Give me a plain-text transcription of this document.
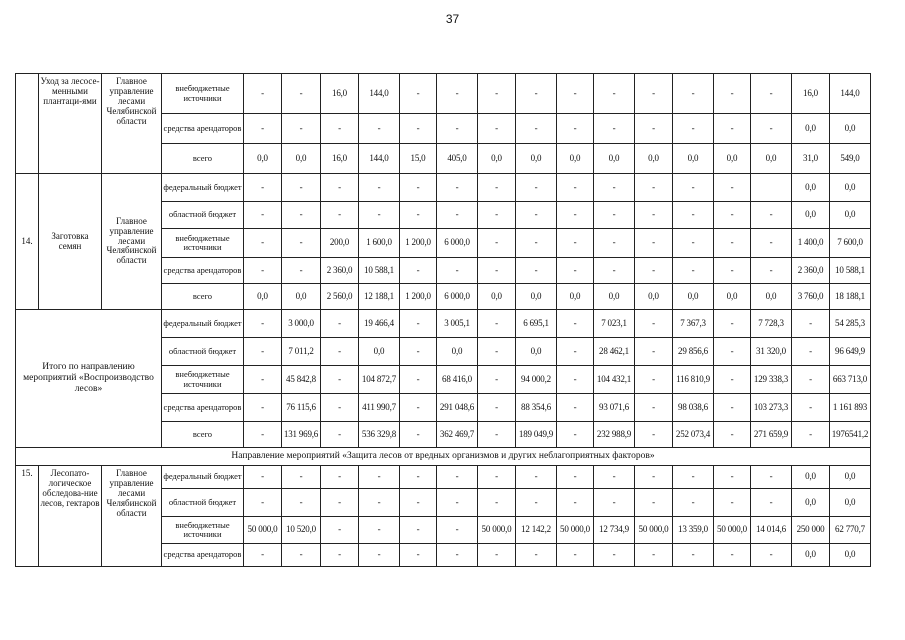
37
	Уход за лесосе-менными плантаци-ями	Главное управление лесами Челябинской области	внебюджетные источники	-	-	16,0	144,0	-	-	-	-	-	-	-	-	-	-	16,0	144,0
			средства арендаторов	-	-	-	-	-	-	-	-	-	-	-	-	-	-	0,0	0,0
			всего	0,0	0,0	16,0	144,0	15,0	405,0	0,0	0,0	0,0	0,0	0,0	0,0	0,0	0,0	31,0	549,0
14.	Заготовка семян	Главное управление лесами Челябинской области	федеральный бюджет	-	-	-	-	-	-	-	-	-	-	-	-	-		0,0	0,0
			областной бюджет	-	-	-	-	-	-	-	-	-	-	-	-	-	-	0,0	0,0
			внебюджетные источники	-	-	200,0	1 600,0	1 200,0	6 000,0	-	-	-	-	-	-	-	-	1 400,0	7 600,0
			средства арендаторов	-	-	2 360,0	10 588,1	-	-	-	-	-	-	-	-	-	-	2 360,0	10 588,1
			всего	0,0	0,0	2 560,0	12 188,1	1 200,0	6 000,0	0,0	0,0	0,0	0,0	0,0	0,0	0,0	0,0	3 760,0	18 188,1
Итого по направлению мероприятий «Воспроизводство лесов»			федеральный бюджет	-	3 000,0	-	19 466,4	-	3 005,1	-	6 695,1	-	7 023,1	-	7 367,3	-	7 728,3	-	54 285,3
			областной бюджет	-	7 011,2	-	0,0	-	0,0	-	0,0	-	28 462,1	-	29 856,6	-	31 320,0	-	96 649,9
			внебюджетные источники	-	45 842,8	-	104 872,7	-	68 416,0	-	94 000,2	-	104 432,1	-	116 810,9	-	129 338,3	-	663 713,0
			средства арендаторов	-	76 115,6	-	411 990,7	-	291 048,6	-	88 354,6	-	93 071,6	-	98 038,6	-	103 273,3	-	1 161 893
			всего	-	131 969,6	-	536 329,8	-	362 469,7	-	189 049,9	-	232 988,9	-	252 073,4	-	271 659,9	-	1976541,2
Направление мероприятий «Защита лесов от вредных организмов и других неблагоприятных факторов»																			
15.	Лесопато-логическое обследова-ние лесов, гектаров	Главное управление лесами Челябинской области	федеральный бюджет	-	-	-	-	-	-	-	-	-	-	-	-	-	-	0,0	0,0
			областной бюджет	-	-	-	-	-	-	-	-	-	-	-	-	-	-	0,0	0,0
			внебюджетные источники	50 000,0	10 520,0	-	-	-	-	50 000,0	12 142,2	50 000,0	12 734,9	50 000,0	13 359,0	50 000,0	14 014,6	250 000	62 770,7
			средства арендаторов	-	-	-	-	-	-	-	-	-	-	-	-	-	-	0,0	0,0
